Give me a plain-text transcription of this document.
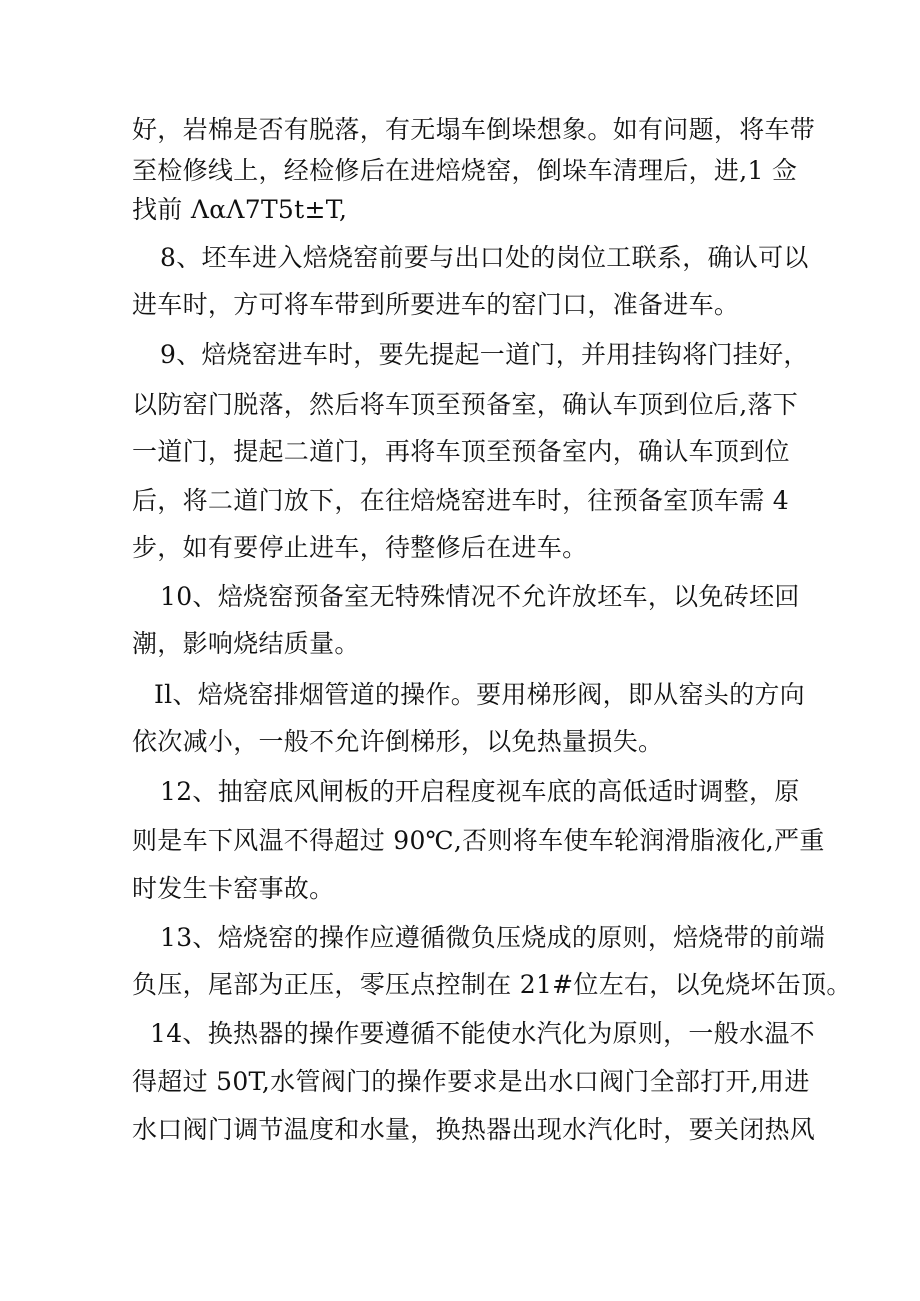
好，岩棉是否有脱落，有无塌车倒垛想象。如有问题，将车带
至检修线上，经检修后在进焙烧窑，倒垛车清理后，进,1 佥
找前 ΛαΛ7T5t±T,
8、坯车进入焙烧窑前要与出口处的岗位工联系，确认可以
进车时，方可将车带到所要进车的窑门口，准备进车。
9、焙烧窑进车时，要先提起一道门，并用挂钩将门挂好，
以防窑门脱落，然后将车顶至预备室，确认车顶到位后,落下
一道门，提起二道门，再将车顶至预备室内，确认车顶到位
后，将二道门放下，在往焙烧窑进车时，往预备室顶车需 4
步，如有要停止进车，待整修后在进车。
10、焙烧窑预备室无特殊情况不允许放坯车，以免砖坯回
潮，影响烧结质量。
Il、焙烧窑排烟管道的操作。要用梯形阀，即从窑头的方向
依次减小，一般不允许倒梯形，以免热量损失。
12、抽窑底风闸板的开启程度视车底的高低适时调整，原
则是车下风温不得超过 90℃,否则将车使车轮润滑脂液化,严重
时发生卡窑事故。
13、焙烧窑的操作应遵循微负压烧成的原则，焙烧带的前端
负压，尾部为正压，零压点控制在 21#位左右，以免烧坏缶顶。
14、换热器的操作要遵循不能使水汽化为原则，一般水温不
得超过 50T,水管阀门的操作要求是出水口阀门全部打开,用进
水口阀门调节温度和水量，换热器出现水汽化时，要关闭热风
